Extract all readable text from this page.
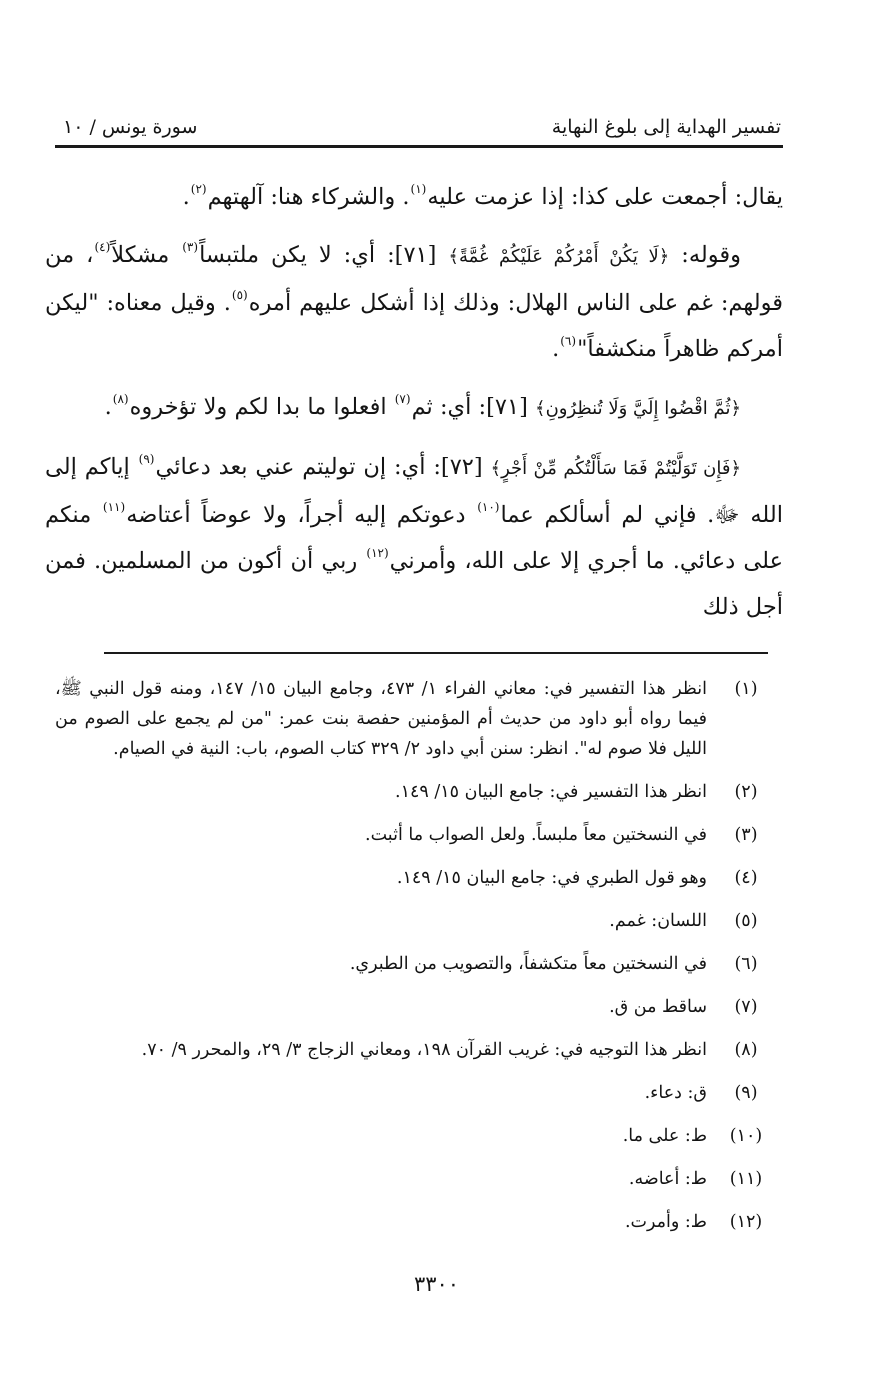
تفسير الهداية إلى بلوغ النهاية
سورة يونس / ١٠

يقال: أجمعت على كذا: إذا عزمت عليه$^{(١)}$. والشركاء هنا: آلهتهم$^{(٢)}$.

وقوله: ﴿لَا يَكُنْ أَمْرُكُمْ عَلَيْكُمْ غُمَّةً﴾ [٧١]: أي: لا يكن ملتبساً$^{(٣)}$ مشكلاً$^{(٤)}$، من قولهم: غم على الناس الهلال: وذلك إذا أشكل عليهم أمره$^{(٥)}$. وقيل معناه: "ليكن أمركم ظاهراً منكشفاً"$^{(٦)}$.

﴿ثُمَّ اقْضُوا إِلَيَّ وَلَا تُنظِرُونِ﴾ [٧١]: أي: ثم$^{(٧)}$ افعلوا ما بدا لكم ولا تؤخروه$^{(٨)}$.

﴿فَإِن تَوَلَّيْتُمْ فَمَا سَأَلْتُكُم مِّنْ أَجْرٍ﴾ [٧٢]: أي: إن توليتم عني بعد دعائي$^{(٩)}$ إياكم إلى الله ﷻ. فإني لم أسألكم عما$^{(١٠)}$ دعوتكم إليه أجراً، ولا عوضاً أعتاضه$^{(١١)}$ منكم على دعائي. ما أجري إلا على الله، وأمرني$^{(١٢)}$ ربي أن أكون من المسلمين. فمن أجل ذلك

(١)
انظر هذا التفسير في: معاني الفراء ١/ ٤٧٣، وجامع البيان ١٥/ ١٤٧، ومنه قول النبي ﷺ، فيما رواه أبو داود من حديث أم المؤمنين حفصة بنت عمر: "من لم يجمع على الصوم من الليل فلا صوم له". انظر: سنن أبي داود ٢/ ٣٢٩ كتاب الصوم، باب: النية في الصيام.
(٢)
انظر هذا التفسير في: جامع البيان ١٥/ ١٤٩.
(٣)
في النسختين معاً ملبساً. ولعل الصواب ما أثبت.
(٤)
وهو قول الطبري في: جامع البيان ١٥/ ١٤٩.
(٥)
اللسان: غمم.
(٦)
في النسختين معاً متكشفاً، والتصويب من الطبري.
(٧)
ساقط من ق.
(٨)
انظر هذا التوجيه في: غريب القرآن ١٩٨، ومعاني الزجاج ٣/ ٢٩، والمحرر ٩/ ٧٠.
(٩)
ق: دعاء.
(١٠)
ط: على ما.
(١١)
ط: أعاضه.
(١٢)
ط: وأمرت.
٣٣٠٠
